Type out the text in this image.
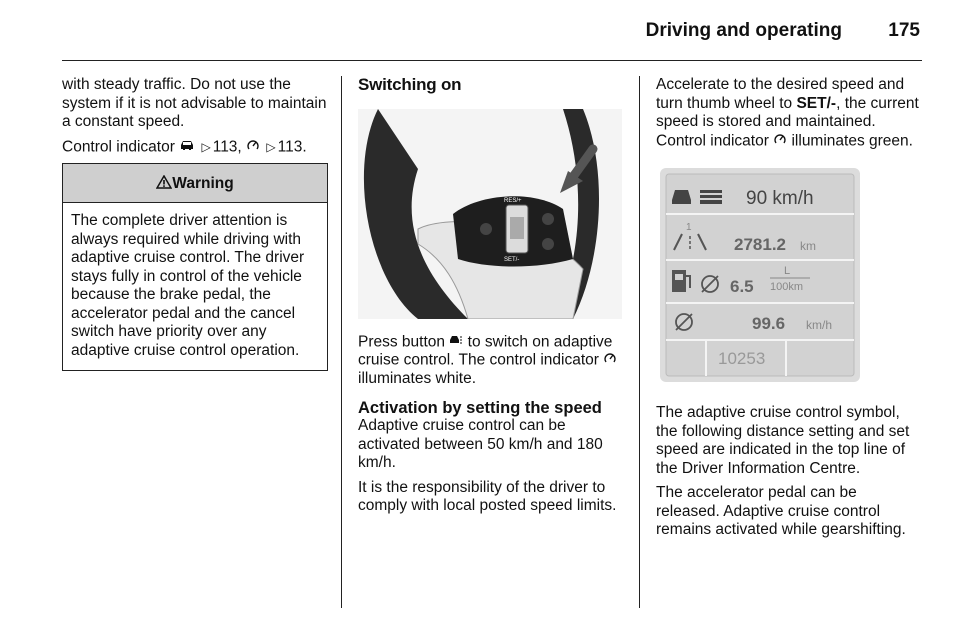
Driving and operating 175

with steady traffic. Do not use the system if it is not advisable to maintain a constant speed.

Control indicator ▷ 113, ▷ 113.

Warning
The complete driver attention is always required while driving with adaptive cruise control. The driver stays fully in control of the vehicle because the brake pedal, the accelerator pedal and the cancel switch have priority over any adaptive cruise control operation.
Switching on
RES/+
SET/-

Press button to switch on adaptive cruise control. The control indicator  illuminates white.

Activation by setting the speed

Adaptive cruise control can be activated between 50 km/h and 180 km/h.

It is the responsibility of the driver to comply with local posted speed limits.

Accelerate to the desired speed and turn thumb wheel to SET/-, the current speed is stored and maintained. Control indicator illuminates green.

90 km/h
1
2781.2 km
6.5
L
100km
99.6 km/h
10253

The adaptive cruise control symbol, the following distance setting and set speed are indicated in the top line of the Driver Information Centre.

The accelerator pedal can be released. Adaptive cruise control remains activated while gearshifting.
